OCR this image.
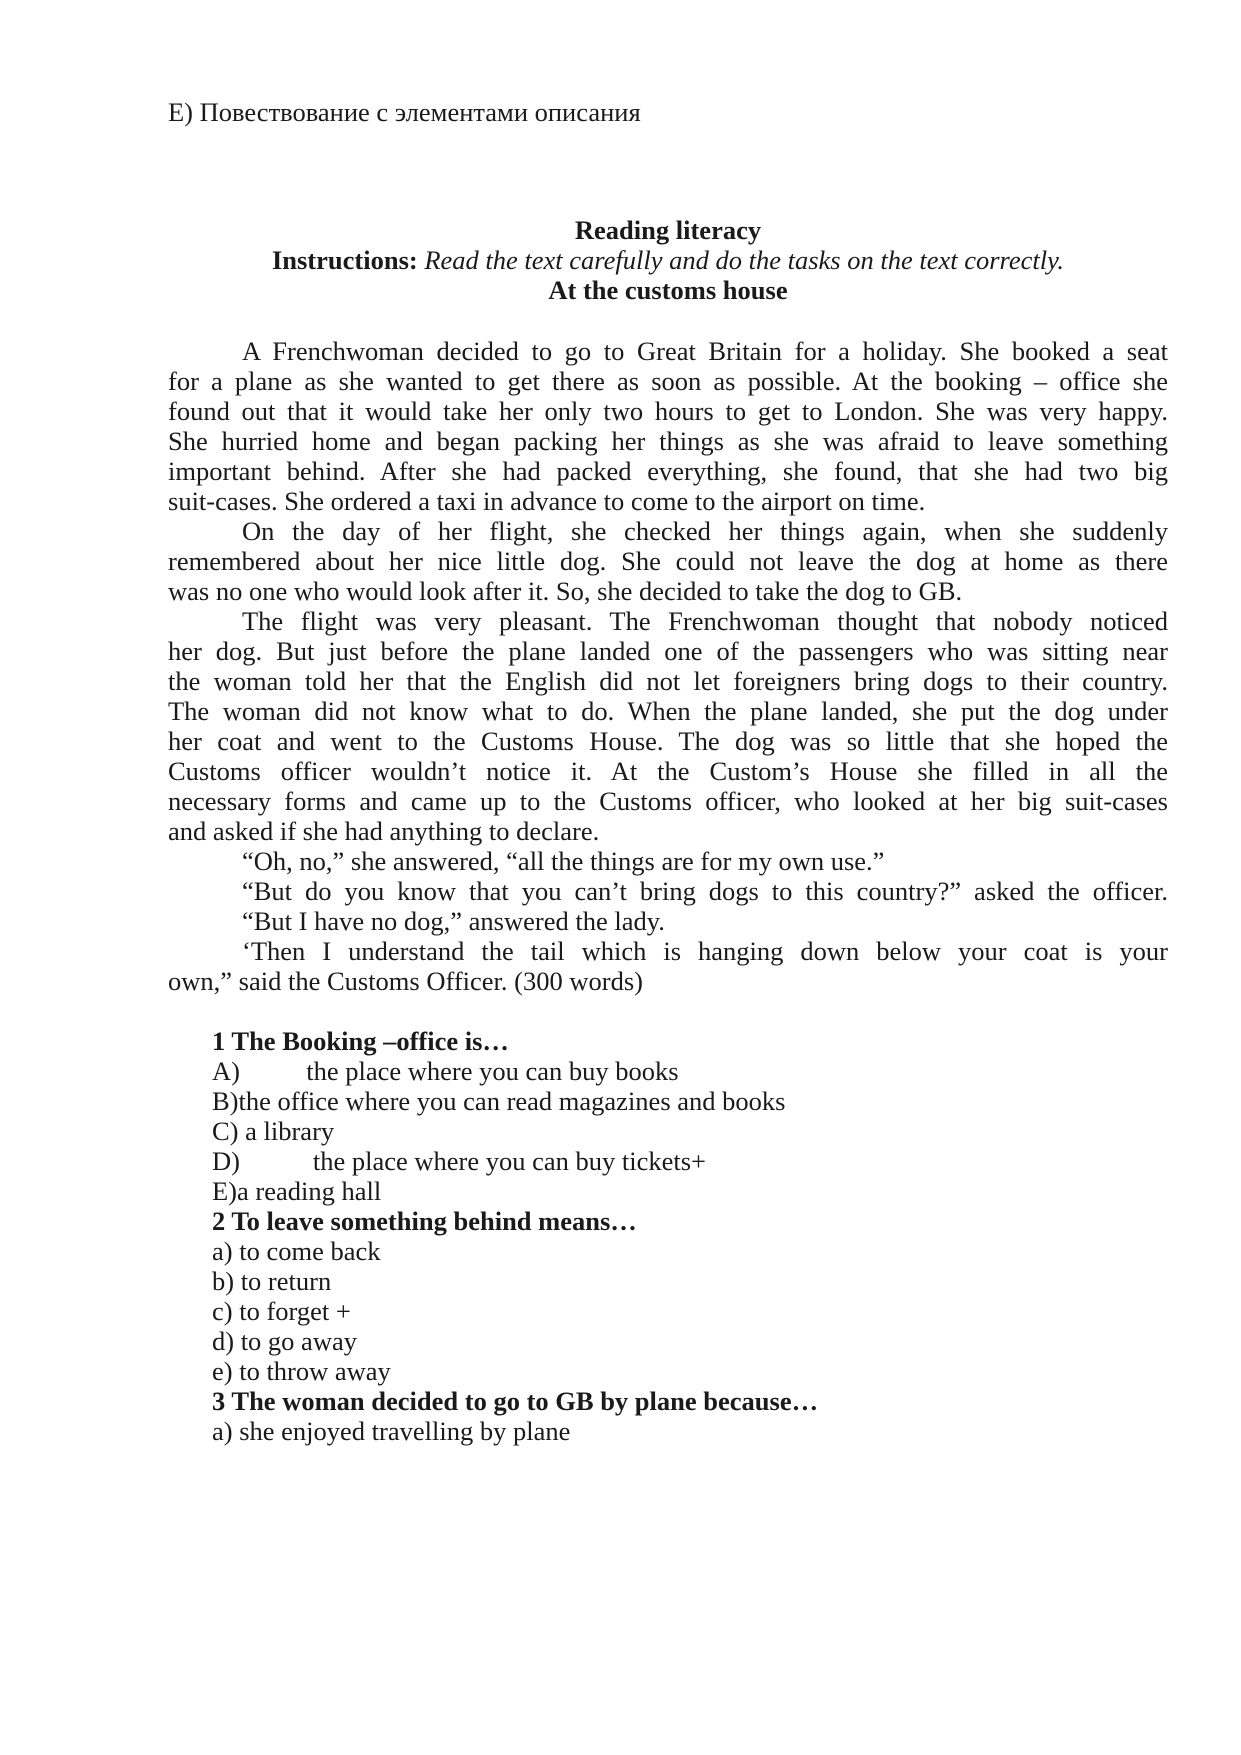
E) Повествование с элементами описания
Reading literacy
Instructions: Read the text carefully and do the tasks on the text correctly.
At the customs house
A Frenchwoman decided to go to Great Britain for a holiday. She booked a seat
for a plane as she wanted to get there as soon as possible. At the booking – office she
found out that it would take her only two hours to get to London. She was very happy.
She hurried home and began packing her things as she was afraid to leave something
important behind. After she had packed everything, she found, that she had two big
suit-cases. She ordered a taxi in advance to come to the airport on time.
On the day of her flight, she checked her things again, when she suddenly
remembered about her nice little dog. She could not leave the dog at home as there
was no one who would look after it. So, she decided to take the dog to GB.
The flight was very pleasant. The Frenchwoman thought that nobody noticed
her dog. But just before the plane landed one of the passengers who was sitting near
the woman told her that the English did not let foreigners bring dogs to their country.
The woman did not know what to do. When the plane landed, she put the dog under
her coat and went to the Customs House. The dog was so little that she hoped the
Customs officer wouldn’t notice it. At the Custom’s House she filled in all the
necessary forms and came up to the Customs officer, who looked at her big suit-cases
and asked if she had anything to declare.
“Oh, no,” she answered, “all the things are for my own use.”
“But do you know that you can’t bring dogs to this country?” asked the officer.
“But I have no dog,” answered the lady.
‘Then I understand the tail which is hanging down below your coat is your
own,” said the Customs Officer. (300 words)
1 The Booking –office is…
A)          the place where you can buy books
B)the office where you can read magazines and books
C) a library
D)           the place where you can buy tickets+
E)a reading hall
2 To leave something behind means…
a) to come back
b) to return
c) to forget +
d) to go away
e) to throw away
3 The woman decided to go to GB by plane because…
a) she enjoyed travelling by plane
